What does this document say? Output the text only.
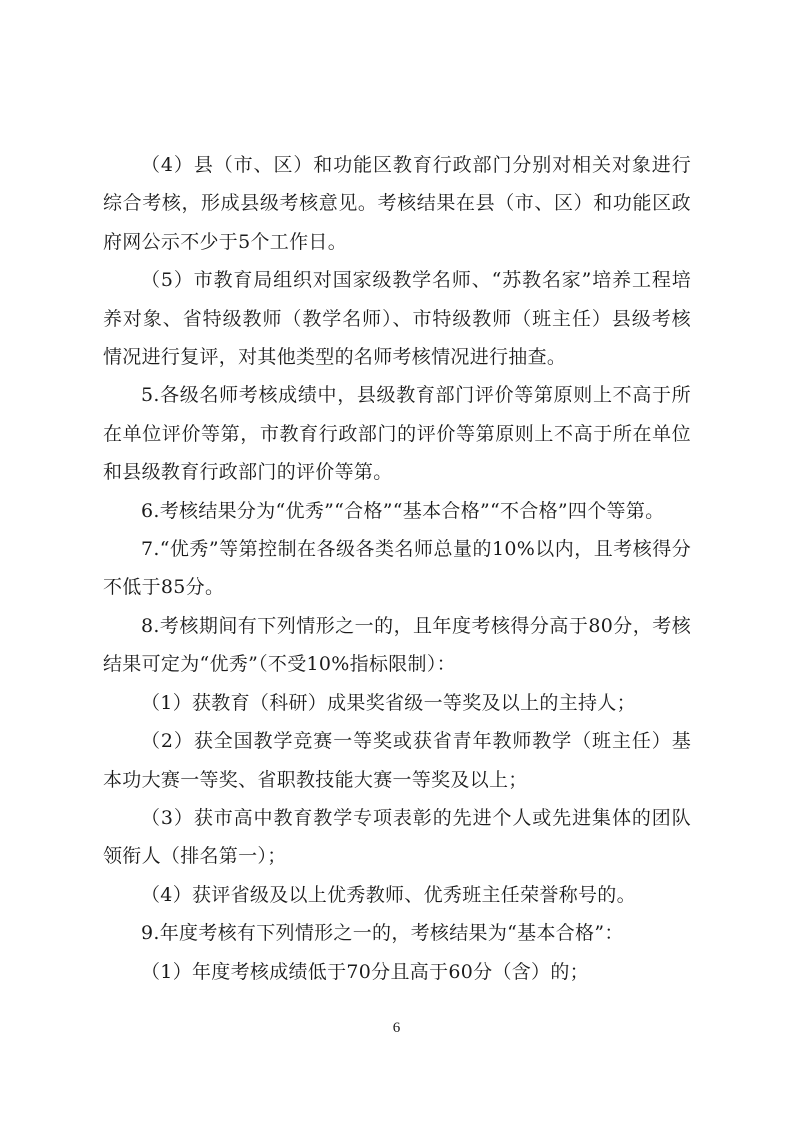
（4）县（市、区）和功能区教育行政部门分别对相关对象进行综合考核，形成县级考核意见。考核结果在县（市、区）和功能区政府网公示不少于5个工作日。

（5）市教育局组织对国家级教学名师、“苏教名家”培养工程培养对象、省特级教师（教学名师）、市特级教师（班主任）县级考核情况进行复评，对其他类型的名师考核情况进行抽查。

5.各级名师考核成绩中，县级教育部门评价等第原则上不高于所在单位评价等第，市教育行政部门的评价等第原则上不高于所在单位和县级教育行政部门的评价等第。

6.考核结果分为“优秀”“合格”“基本合格”“不合格”四个等第。

7.“优秀”等第控制在各级各类名师总量的10%以内，且考核得分不低于85分。

8.考核期间有下列情形之一的，且年度考核得分高于80分，考核结果可定为“优秀”（不受10%指标限制）：

（1）获教育（科研）成果奖省级一等奖及以上的主持人；

（2）获全国教学竞赛一等奖或获省青年教师教学（班主任）基本功大赛一等奖、省职教技能大赛一等奖及以上；

（3）获市高中教育教学专项表彰的先进个人或先进集体的团队领衔人（排名第一）；

（4）获评省级及以上优秀教师、优秀班主任荣誉称号的。

9.年度考核有下列情形之一的，考核结果为“基本合格”：

（1）年度考核成绩低于70分且高于60分（含）的；

6
